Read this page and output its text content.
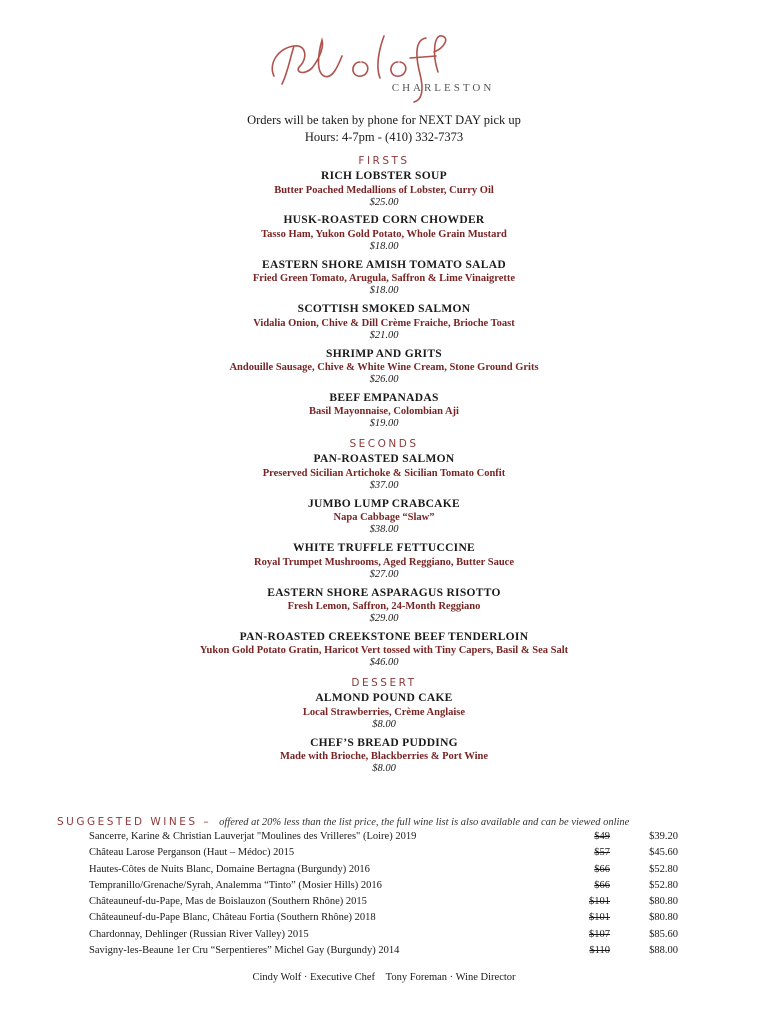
CHARLESTON
Orders will be taken by phone for NEXT DAY pick up
Hours: 4-7pm - (410) 332-7373
FIRSTS
RICH LOBSTER SOUP
Butter Poached Medallions of Lobster, Curry Oil
$25.00
HUSK-ROASTED CORN CHOWDER
Tasso Ham, Yukon Gold Potato, Whole Grain Mustard
$18.00
EASTERN SHORE AMISH TOMATO SALAD
Fried Green Tomato, Arugula, Saffron & Lime Vinaigrette
$18.00
SCOTTISH SMOKED SALMON
Vidalia Onion, Chive & Dill Crème Fraiche, Brioche Toast
$21.00
SHRIMP AND GRITS
Andouille Sausage, Chive & White Wine Cream, Stone Ground Grits
$26.00
BEEF EMPANADAS
Basil Mayonnaise, Colombian Aji
$19.00
SECONDS
PAN-ROASTED SALMON
Preserved Sicilian Artichoke & Sicilian Tomato Confit
$37.00
JUMBO LUMP CRABCAKE
Napa Cabbage “Slaw”
$38.00
WHITE TRUFFLE FETTUCCINE
Royal Trumpet Mushrooms, Aged Reggiano, Butter Sauce
$27.00
EASTERN SHORE ASPARAGUS RISOTTO
Fresh Lemon, Saffron, 24-Month Reggiano
$29.00
PAN-ROASTED CREEKSTONE BEEF TENDERLOIN
Yukon Gold Potato Gratin, Haricot Vert tossed with Tiny Capers, Basil & Sea Salt
$46.00
DESSERT
ALMOND POUND CAKE
Local Strawberries, Crème Anglaise
$8.00
CHEF’S BREAD PUDDING
Made with Brioche, Blackberries & Port Wine
$8.00
SUGGESTED WINES – offered at 20% less than the list price, the full wine list is also available and can be viewed online
Sancerre, Karine & Christian Lauverjat "Moulines des Vrilleres" (Loire) 2019	$49	$39.20
Château Larose Perganson (Haut – Médoc) 2015	$57	$45.60
Hautes-Côtes de Nuits Blanc, Domaine Bertagna (Burgundy) 2016	$66	$52.80
Tempranillo/Grenache/Syrah, Analemma “Tinto” (Mosier Hills) 2016	$66	$52.80
Châteauneuf-du-Pape, Mas de Boislauzon (Southern Rhône) 2015	$101	$80.80
Châteauneuf-du-Pape Blanc, Château Fortia (Southern Rhône) 2018	$101	$80.80
Chardonnay, Dehlinger (Russian River Valley) 2015	$107	$85.60
Savigny-les-Beaune 1er Cru “Serpentieres” Michel Gay (Burgundy) 2014	$110	$88.00
Cindy Wolf · Executive Chef Tony Foreman · Wine Director
